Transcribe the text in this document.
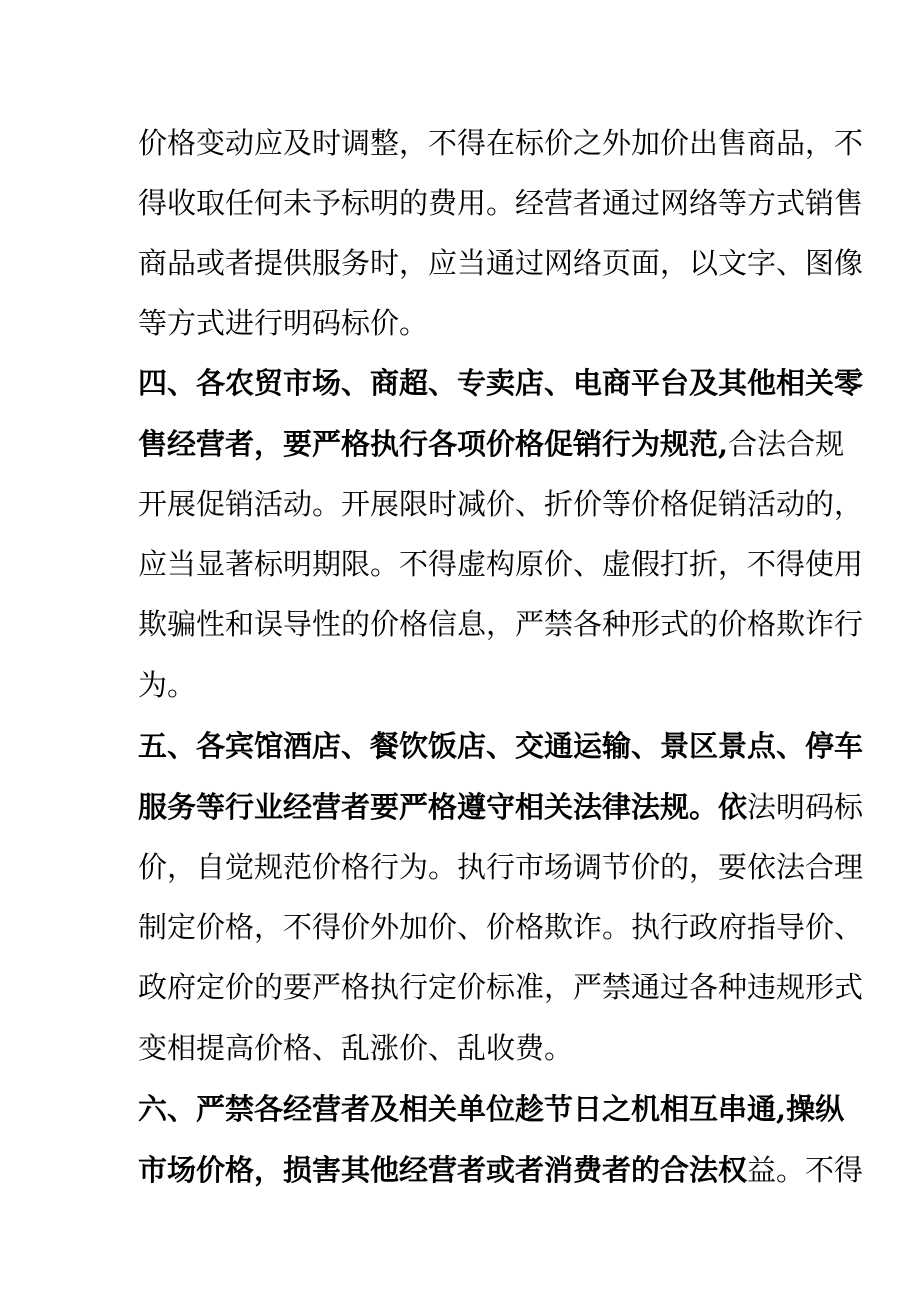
价格变动应及时调整，不得在标价之外加价出售商品，不
得收取任何未予标明的费用。经营者通过网络等方式销售
商品或者提供服务时，应当通过网络页面，以文字、图像
等方式进行明码标价。
四、各农贸市场、商超、专卖店、电商平台及其他相关零
售经营者，要严格执行各项价格促销行为规范,合法合规
开展促销活动。开展限时减价、折价等价格促销活动的，
应当显著标明期限。不得虚构原价、虚假打折，不得使用
欺骗性和误导性的价格信息，严禁各种形式的价格欺诈行
为。
五、各宾馆酒店、餐饮饭店、交通运输、景区景点、停车
服务等行业经营者要严格遵守相关法律法规。依法明码标
价，自觉规范价格行为。执行市场调节价的，要依法合理
制定价格，不得价外加价、价格欺诈。执行政府指导价、
政府定价的要严格执行定价标准，严禁通过各种违规形式
变相提高价格、乱涨价、乱收费。
六、严禁各经营者及相关单位趁节日之机相互串通,操纵
市场价格，损害其他经营者或者消费者的合法权益。不得
